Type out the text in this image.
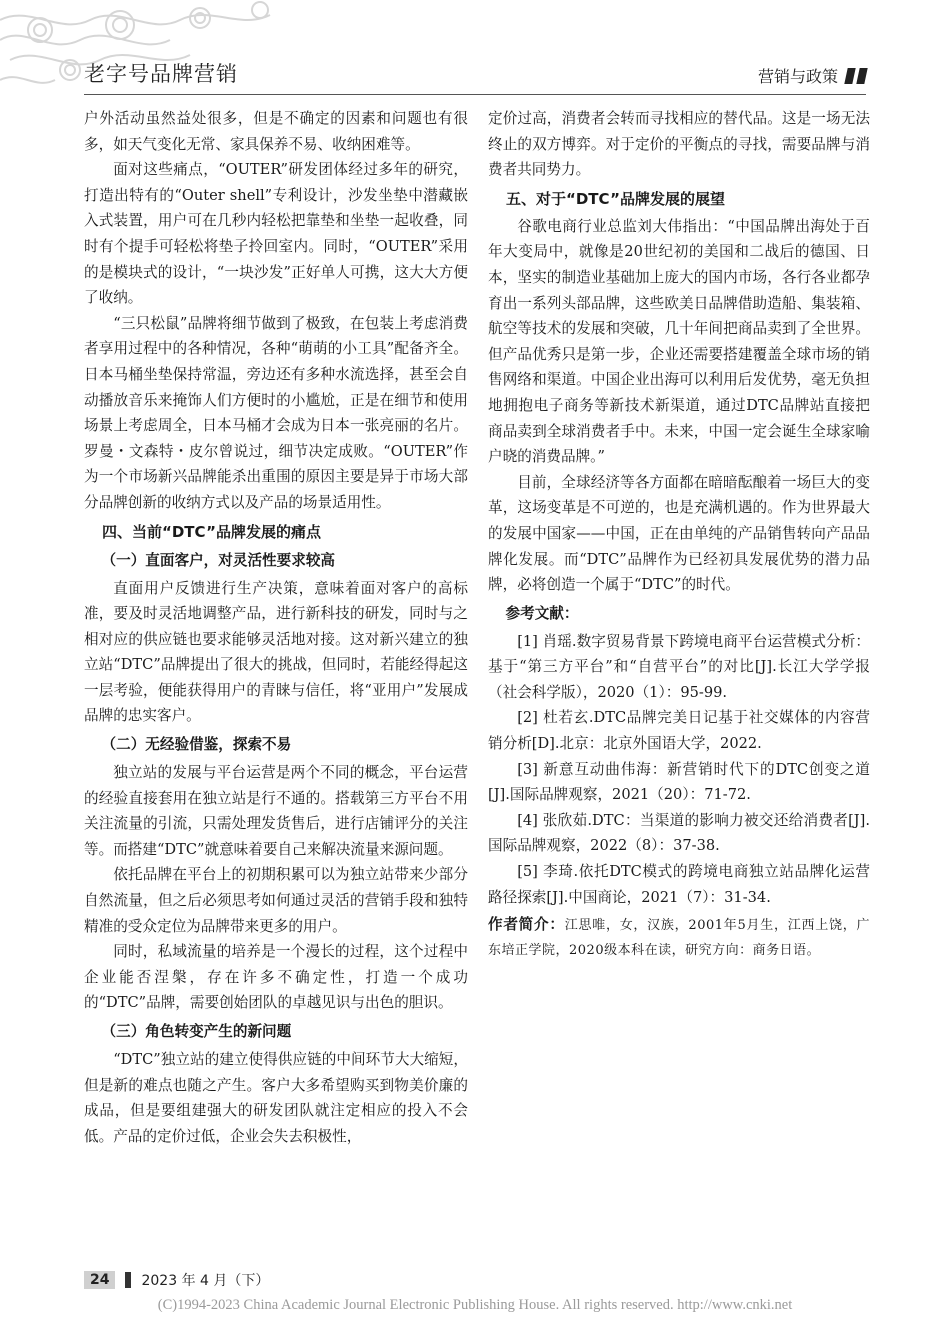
老字号品牌营销	营销与政策

户外活动虽然益处很多，但是不确定的因素和问题也有很多，如天气变化无常、家具保养不易、收纳困难等。

面对这些痛点，“OUTER”研发团体经过多年的研究，打造出特有的“Outer shell”专利设计，沙发坐垫中潜藏嵌入式装置，用户可在几秒内轻松把靠垫和坐垫一起收叠，同时有个提手可轻松将垫子拎回室内。同时，“OUTER”采用的是模块式的设计，“一块沙发”正好单人可携，这大大方便了收纳。

“三只松鼠”品牌将细节做到了极致，在包装上考虑消费者享用过程中的各种情况，各种“萌萌的小工具”配备齐全。日本马桶坐垫保持常温，旁边还有多种水流选择，甚至会自动播放音乐来掩饰人们方便时的小尴尬，正是在细节和使用场景上考虑周全，日本马桶才会成为日本一张亮丽的名片。罗曼・文森特・皮尔曾说过，细节决定成败。“OUTER”作为一个市场新兴品牌能杀出重围的原因主要是异于市场大部分品牌创新的收纳方式以及产品的场景适用性。

四、当前“DTC”品牌发展的痛点
（一）直面客户，对灵活性要求较高

直面用户反馈进行生产决策，意味着面对客户的高标准，要及时灵活地调整产品，进行新科技的研发，同时与之相对应的供应链也要求能够灵活地对接。这对新兴建立的独立站“DTC”品牌提出了很大的挑战，但同时，若能经得起这一层考验，便能获得用户的青睐与信任，将“亚用户”发展成品牌的忠实客户。

（二）无经验借鉴，探索不易

独立站的发展与平台运营是两个不同的概念，平台运营的经验直接套用在独立站是行不通的。搭载第三方平台不用关注流量的引流，只需处理发货售后，进行店铺评分的关注等。而搭建“DTC”就意味着要自己来解决流量来源问题。

依托品牌在平台上的初期积累可以为独立站带来少部分自然流量，但之后必须思考如何通过灵活的营销手段和独特精准的受众定位为品牌带来更多的用户。

同时，私域流量的培养是一个漫长的过程，这个过程中企业能否涅槃，存在许多不确定性，打造一个成功的“DTC”品牌，需要创始团队的卓越见识与出色的胆识。

（三）角色转变产生的新问题

“DTC”独立站的建立使得供应链的中间环节大大缩短，但是新的难点也随之产生。客户大多希望购买到物美价廉的成品，但是要组建强大的研发团队就注定相应的投入不会低。产品的定价过低，企业会失去积极性，

定价过高，消费者会转而寻找相应的替代品。这是一场无法终止的双方博弈。对于定价的平衡点的寻找，需要品牌与消费者共同势力。

五、对于“DTC”品牌发展的展望

谷歌电商行业总监刘大伟指出：“中国品牌出海处于百年大变局中，就像是20世纪初的美国和二战后的德国、日本，坚实的制造业基础加上庞大的国内市场，各行各业都孕育出一系列头部品牌，这些欧美日品牌借助造船、集装箱、航空等技术的发展和突破，几十年间把商品卖到了全世界。但产品优秀只是第一步，企业还需要搭建覆盖全球市场的销售网络和渠道。中国企业出海可以利用后发优势，毫无负担地拥抱电子商务等新技术新渠道，通过DTC品牌站直接把商品卖到全球消费者手中。未来，中国一定会诞生全球家喻户晓的消费品牌。”

目前，全球经济等各方面都在暗暗酝酿着一场巨大的变革，这场变革是不可逆的，也是充满机遇的。作为世界最大的发展中国家——中国，正在由单纯的产品销售转向产品品牌化发展。而“DTC”品牌作为已经初具发展优势的潜力品牌，必将创造一个属于“DTC”的时代。

参考文献：

[1] 肖瑶.数字贸易背景下跨境电商平台运营模式分析：基于“第三方平台”和“自营平台”的对比[J].长江大学学报（社会科学版），2020（1）：95-99.

[2] 杜若玄.DTC品牌完美日记基于社交媒体的内容营销分析[D].北京：北京外国语大学，2022.

[3] 新意互动曲伟海：新营销时代下的DTC创变之道[J].国际品牌观察，2021（20）：71-72.

[4] 张欣茹.DTC：当渠道的影响力被交还给消费者[J].国际品牌观察，2022（8）：37-38.

[5] 李琦.依托DTC模式的跨境电商独立站品牌化运营路径探索[J].中国商论，2021（7）：31-34.

作者简介：江思唯，女，汉族，2001年5月生，江西上饶，广东培正学院，2020级本科在读，研究方向：商务日语。
24	2023 年 4 月（下）
(C)1994-2023 China Academic Journal Electronic Publishing House. All rights reserved. http://www.cnki.net
